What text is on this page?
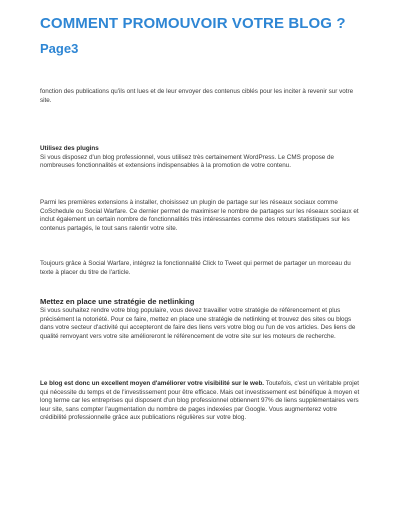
COMMENT PROMOUVOIR VOTRE BLOG ?
Page3

fonction des publications qu'ils ont lues et de leur envoyer des contenus ciblés pour les inciter à revenir sur votre site.

Utilisez des plugins
Si vous disposez d'un blog professionnel, vous utilisez très certainement WordPress. Le CMS propose de nombreuses fonctionnalités et extensions indispensables à la promotion de votre contenu.

Parmi les premières extensions à installer, choisissez un plugin de partage sur les réseaux sociaux comme CoSchedule ou Social Warfare. Ce dernier permet de maximiser le nombre de partages sur les réseaux sociaux et inclut également un certain nombre de fonctionnalités très intéressantes comme des retours statistiques sur les contenus partagés, le tout sans ralentir votre site.

Toujours grâce à Social Warfare, intégrez la fonctionnalité Click to Tweet qui permet de partager un morceau du texte à placer du titre de l'article.

Mettez en place une stratégie de netlinking

Si vous souhaitez rendre votre blog populaire, vous devez travailler votre stratégie de référencement et plus précisément la notoriété. Pour ce faire, mettez en place une stratégie de netlinking et trouvez des sites ou blogs dans votre secteur d'activité qui accepteront de faire des liens vers votre blog ou l'un de vos articles. Des liens de qualité renvoyant vers votre site amélioreront le référencement de votre site sur les moteurs de recherche.

Le blog est donc un excellent moyen d'améliorer votre visibilité sur le web. Toutefois, c'est un véritable projet qui nécessite du temps et de l'investissement pour être efficace. Mais cet investissement est bénéfique à moyen et long terme car les entreprises qui disposent d'un blog professionnel obtiennent 97% de liens supplémentaires vers leur site, sans compter l'augmentation du nombre de pages indexées par Google. Vous augmenterez votre crédibilité professionnelle grâce aux publications régulières sur votre blog.
